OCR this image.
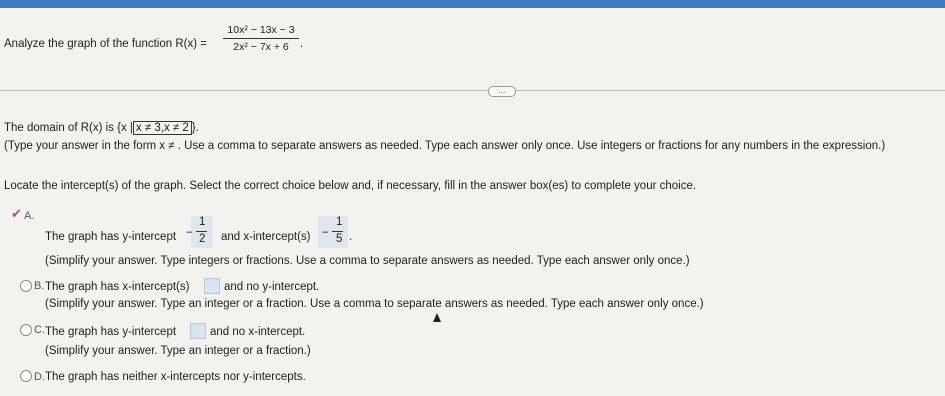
Analyze the graph of the function R(x) =
10x² − 13x − 3
2x² − 7x + 6 .
...
The domain of R(x) is {x | x ≠ 3,x ≠ 2 }.
(Type your answer in the form x ≠ . Use a comma to separate answers as needed. Type each answer only once. Use integers or fractions for any numbers in the expression.)
Locate the intercept(s) of the graph. Select the correct choice below and, if necessary, fill in the answer box(es) to complete your choice.
✔ A.
The graph has y-intercept −
1
2 and x-intercept(s) −
1
5 .
(Simplify your answer. Type integers or fractions. Use a comma to separate answers as needed. Type each answer only once.)
B. The graph has x-intercept(s)	and no y-intercept.
(Simplify your answer. Type an integer or a fraction. Use a comma to separate answers as needed. Type each answer only once.)
C. The graph has y-intercept	and no x-intercept.
(Simplify your answer. Type an integer or a fraction.)
D. The graph has neither x-intercepts nor y-intercepts.
